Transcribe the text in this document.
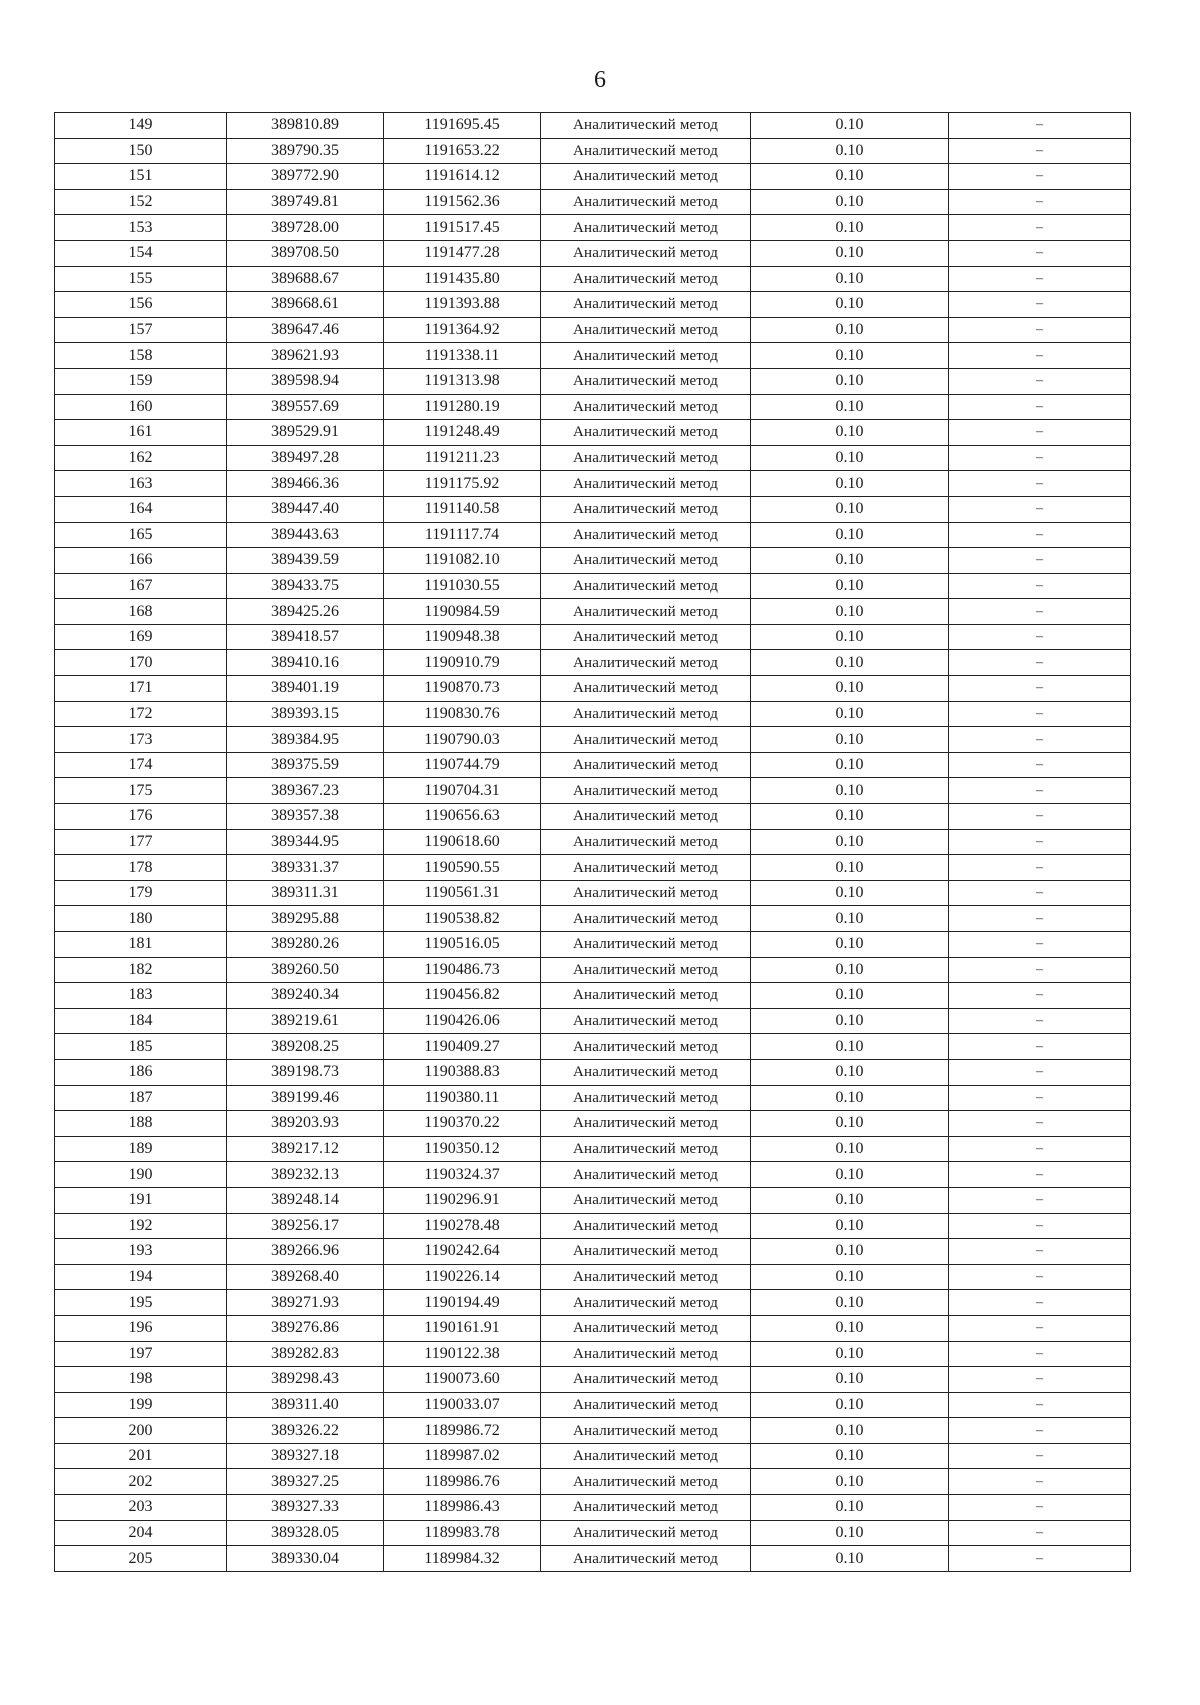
6
149	389810.89	1191695.45	Аналитический метод	0.10	–
150	389790.35	1191653.22	Аналитический метод	0.10	–
151	389772.90	1191614.12	Аналитический метод	0.10	–
152	389749.81	1191562.36	Аналитический метод	0.10	–
153	389728.00	1191517.45	Аналитический метод	0.10	–
154	389708.50	1191477.28	Аналитический метод	0.10	–
155	389688.67	1191435.80	Аналитический метод	0.10	–
156	389668.61	1191393.88	Аналитический метод	0.10	–
157	389647.46	1191364.92	Аналитический метод	0.10	–
158	389621.93	1191338.11	Аналитический метод	0.10	–
159	389598.94	1191313.98	Аналитический метод	0.10	–
160	389557.69	1191280.19	Аналитический метод	0.10	–
161	389529.91	1191248.49	Аналитический метод	0.10	–
162	389497.28	1191211.23	Аналитический метод	0.10	–
163	389466.36	1191175.92	Аналитический метод	0.10	–
164	389447.40	1191140.58	Аналитический метод	0.10	–
165	389443.63	1191117.74	Аналитический метод	0.10	–
166	389439.59	1191082.10	Аналитический метод	0.10	–
167	389433.75	1191030.55	Аналитический метод	0.10	–
168	389425.26	1190984.59	Аналитический метод	0.10	–
169	389418.57	1190948.38	Аналитический метод	0.10	–
170	389410.16	1190910.79	Аналитический метод	0.10	–
171	389401.19	1190870.73	Аналитический метод	0.10	–
172	389393.15	1190830.76	Аналитический метод	0.10	–
173	389384.95	1190790.03	Аналитический метод	0.10	–
174	389375.59	1190744.79	Аналитический метод	0.10	–
175	389367.23	1190704.31	Аналитический метод	0.10	–
176	389357.38	1190656.63	Аналитический метод	0.10	–
177	389344.95	1190618.60	Аналитический метод	0.10	–
178	389331.37	1190590.55	Аналитический метод	0.10	–
179	389311.31	1190561.31	Аналитический метод	0.10	–
180	389295.88	1190538.82	Аналитический метод	0.10	–
181	389280.26	1190516.05	Аналитический метод	0.10	–
182	389260.50	1190486.73	Аналитический метод	0.10	–
183	389240.34	1190456.82	Аналитический метод	0.10	–
184	389219.61	1190426.06	Аналитический метод	0.10	–
185	389208.25	1190409.27	Аналитический метод	0.10	–
186	389198.73	1190388.83	Аналитический метод	0.10	–
187	389199.46	1190380.11	Аналитический метод	0.10	–
188	389203.93	1190370.22	Аналитический метод	0.10	–
189	389217.12	1190350.12	Аналитический метод	0.10	–
190	389232.13	1190324.37	Аналитический метод	0.10	–
191	389248.14	1190296.91	Аналитический метод	0.10	–
192	389256.17	1190278.48	Аналитический метод	0.10	–
193	389266.96	1190242.64	Аналитический метод	0.10	–
194	389268.40	1190226.14	Аналитический метод	0.10	–
195	389271.93	1190194.49	Аналитический метод	0.10	–
196	389276.86	1190161.91	Аналитический метод	0.10	–
197	389282.83	1190122.38	Аналитический метод	0.10	–
198	389298.43	1190073.60	Аналитический метод	0.10	–
199	389311.40	1190033.07	Аналитический метод	0.10	–
200	389326.22	1189986.72	Аналитический метод	0.10	–
201	389327.18	1189987.02	Аналитический метод	0.10	–
202	389327.25	1189986.76	Аналитический метод	0.10	–
203	389327.33	1189986.43	Аналитический метод	0.10	–
204	389328.05	1189983.78	Аналитический метод	0.10	–
205	389330.04	1189984.32	Аналитический метод	0.10	–
